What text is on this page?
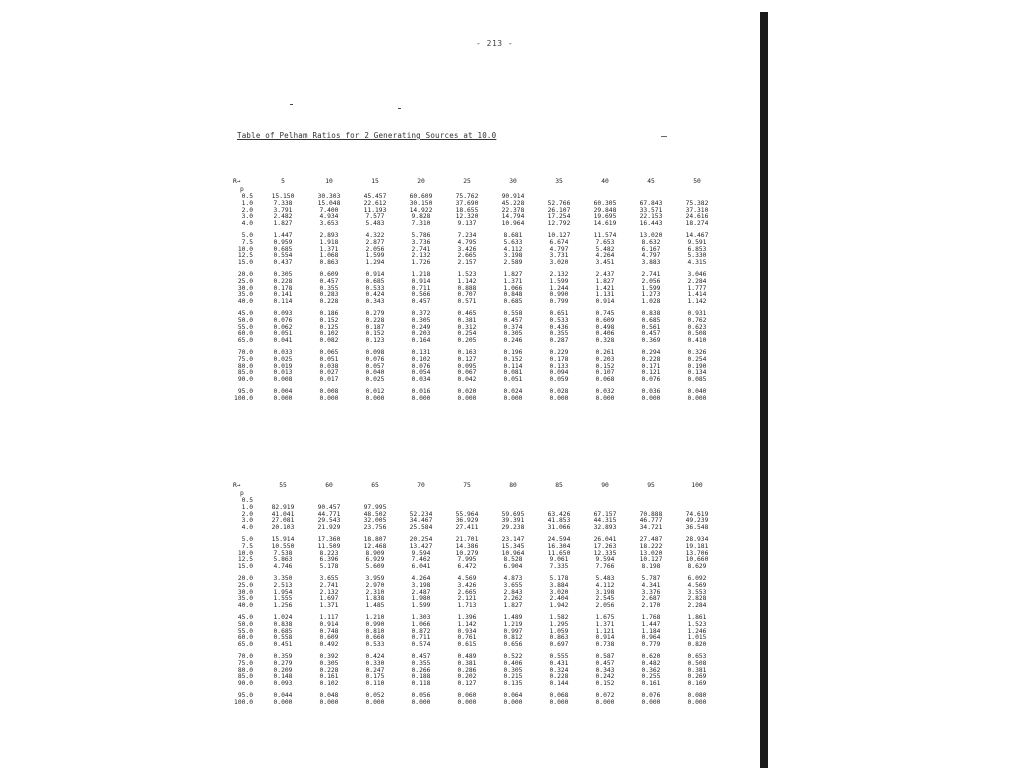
- 213 -
Table of Pelham Ratios for 2 Generating Sources at 10.0
R→	5	10	15	20	25	30	35	40	45	50
p										
0.5	15.150	30.303	45.457	60.609	75.762	90.914				
1.0	7.338	15.048	22.612	30.150	37.690	45.228	52.766	60.305	67.843	75.382
2.0	3.791	7.400	11.193	14.922	18.655	22.378	26.107	29.848	33.571	37.310
3.0	2.482	4.934	7.577	9.828	12.320	14.794	17.254	19.695	22.153	24.616
4.0	1.827	3.653	5.483	7.310	9.137	10.964	12.792	14.619	16.443	18.274

5.0	1.447	2.893	4.322	5.786	7.234	8.681	10.127	11.574	13.020	14.467
7.5	0.959	1.918	2.877	3.736	4.795	5.633	6.674	7.653	8.632	9.591
10.0	0.685	1.371	2.056	2.741	3.426	4.112	4.797	5.482	6.167	6.853
12.5	0.554	1.068	1.599	2.132	2.665	3.198	3.731	4.264	4.797	5.330
15.0	0.437	0.863	1.294	1.726	2.157	2.589	3.020	3.451	3.883	4.315

20.0	0.305	0.609	0.914	1.218	1.523	1.827	2.132	2.437	2.741	3.046
25.0	0.228	0.457	0.685	0.914	1.142	1.371	1.599	1.827	2.056	2.284
30.0	0.178	0.355	0.533	0.711	0.888	1.066	1.244	1.421	1.599	1.777
35.0	0.141	0.283	0.424	0.566	0.707	0.848	0.990	1.131	1.273	1.414
40.0	0.114	0.228	0.343	0.457	0.571	0.685	0.799	0.914	1.028	1.142

45.0	0.093	0.186	0.279	0.372	0.465	0.558	0.651	0.745	0.838	0.931
50.0	0.076	0.152	0.228	0.305	0.381	0.457	0.533	0.609	0.685	0.762
55.0	0.062	0.125	0.187	0.249	0.312	0.374	0.436	0.498	0.561	0.623
60.0	0.051	0.102	0.152	0.203	0.254	0.305	0.355	0.406	0.457	0.508
65.0	0.041	0.082	0.123	0.164	0.205	0.246	0.287	0.328	0.369	0.410

70.0	0.033	0.065	0.098	0.131	0.163	0.196	0.229	0.261	0.294	0.326
75.0	0.025	0.051	0.076	0.102	0.127	0.152	0.178	0.203	0.228	0.254
80.0	0.019	0.038	0.057	0.076	0.095	0.114	0.133	0.152	0.171	0.190
85.0	0.013	0.027	0.040	0.054	0.067	0.081	0.094	0.107	0.121	0.134
90.0	0.008	0.017	0.025	0.034	0.042	0.051	0.059	0.068	0.076	0.085

95.0	0.004	0.008	0.012	0.016	0.020	0.024	0.028	0.032	0.036	0.040
100.0	0.000	0.000	0.000	0.000	0.000	0.000	0.000	0.000	0.000	0.000
R→	55	60	65	70	75	80	85	90	95	100
p										
0.5										
1.0	82.919	90.457	97.995							
2.0	41.041	44.771	48.502	52.234	55.964	59.695	63.426	67.157	70.888	74.619
3.0	27.081	29.543	32.005	34.467	36.929	39.391	41.853	44.315	46.777	49.239
4.0	20.103	21.929	23.756	25.584	27.411	29.238	31.066	32.893	34.721	36.548

5.0	15.914	17.360	18.807	20.254	21.701	23.147	24.594	26.041	27.487	28.934
7.5	10.550	11.509	12.468	13.427	14.386	15.345	16.304	17.263	18.222	19.181
10.0	7.538	8.223	8.909	9.594	10.279	10.964	11.650	12.335	13.020	13.706
12.5	5.863	6.396	6.929	7.462	7.995	8.528	9.061	9.594	10.127	10.660
15.0	4.746	5.178	5.609	6.041	6.472	6.904	7.335	7.766	8.198	8.629

20.0	3.350	3.655	3.959	4.264	4.569	4.873	5.178	5.483	5.787	6.092
25.0	2.513	2.741	2.970	3.198	3.426	3.655	3.884	4.112	4.341	4.569
30.0	1.954	2.132	2.310	2.487	2.665	2.843	3.020	3.198	3.376	3.553
35.0	1.555	1.697	1.838	1.980	2.121	2.262	2.404	2.545	2.687	2.828
40.0	1.256	1.371	1.485	1.599	1.713	1.827	1.942	2.056	2.170	2.284

45.0	1.024	1.117	1.210	1.303	1.396	1.489	1.582	1.675	1.768	1.861
50.0	0.838	0.914	0.990	1.066	1.142	1.219	1.295	1.371	1.447	1.523
55.0	0.685	0.748	0.810	0.872	0.934	0.997	1.059	1.121	1.184	1.246
60.0	0.558	0.609	0.660	0.711	0.761	0.812	0.863	0.914	0.964	1.015
65.0	0.451	0.492	0.533	0.574	0.615	0.656	0.697	0.738	0.779	0.820

70.0	0.359	0.392	0.424	0.457	0.489	0.522	0.555	0.587	0.620	0.653
75.0	0.279	0.305	0.330	0.355	0.381	0.406	0.431	0.457	0.482	0.508
80.0	0.209	0.228	0.247	0.266	0.286	0.305	0.324	0.343	0.362	0.381
85.0	0.148	0.161	0.175	0.188	0.202	0.215	0.228	0.242	0.255	0.269
90.0	0.093	0.102	0.110	0.118	0.127	0.135	0.144	0.152	0.161	0.169

95.0	0.044	0.048	0.052	0.056	0.060	0.064	0.068	0.072	0.076	0.080
100.0	0.000	0.000	0.000	0.000	0.000	0.000	0.000	0.000	0.000	0.000
